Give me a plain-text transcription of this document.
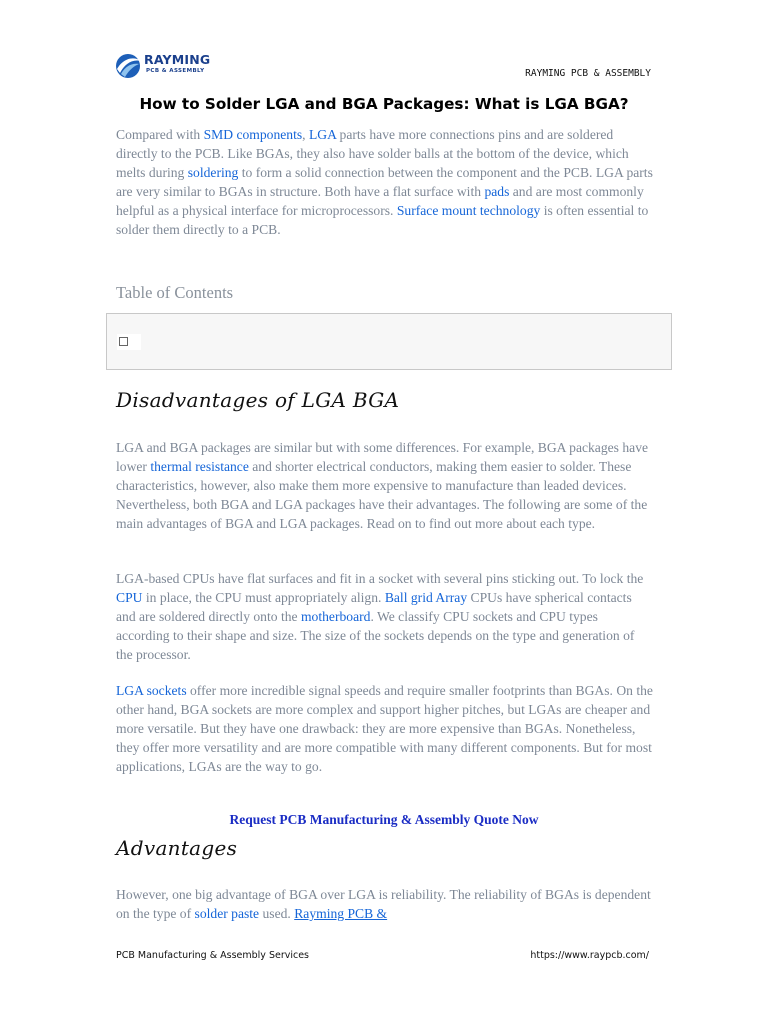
RAYMING
PCB & ASSEMBLY	RAYMING PCB & ASSEMBLY
How to Solder LGA and BGA Packages: What is LGA BGA?

Compared with SMD components, LGA parts have more connections pins and are soldered directly to the PCB. Like BGAs, they also have solder balls at the bottom of the device, which melts during soldering to form a solid connection between the component and the PCB. LGA parts are very similar to BGAs in structure. Both have a flat surface with pads and are most commonly helpful as a physical interface for microprocessors. Surface mount technology is often essential to solder them directly to a PCB.

Table of Contents
Disadvantages of LGA BGA

LGA and BGA packages are similar but with some differences. For example, BGA packages have lower thermal resistance and shorter electrical conductors, making them easier to solder. These characteristics, however, also make them more expensive to manufacture than leaded devices. Nevertheless, both BGA and LGA packages have their advantages. The following are some of the main advantages of BGA and LGA packages. Read on to find out more about each type.

LGA-based CPUs have flat surfaces and fit in a socket with several pins sticking out. To lock the CPU in place, the CPU must appropriately align. Ball grid Array CPUs have spherical contacts and are soldered directly onto the motherboard. We classify CPU sockets and CPU types according to their shape and size. The size of the sockets depends on the type and generation of the processor.

LGA sockets offer more incredible signal speeds and require smaller footprints than BGAs. On the other hand, BGA sockets are more complex and support higher pitches, but LGAs are cheaper and more versatile. But they have one drawback: they are more expensive than BGAs. Nonetheless, they offer more versatility and are more compatible with many different components. But for most applications, LGAs are the way to go.

Request PCB Manufacturing & Assembly Quote Now
Advantages

However, one big advantage of BGA over LGA is reliability. The reliability of BGAs is dependent on the type of solder paste used. Rayming PCB &

PCB Manufacturing & Assembly Services	https://www.raypcb.com/
